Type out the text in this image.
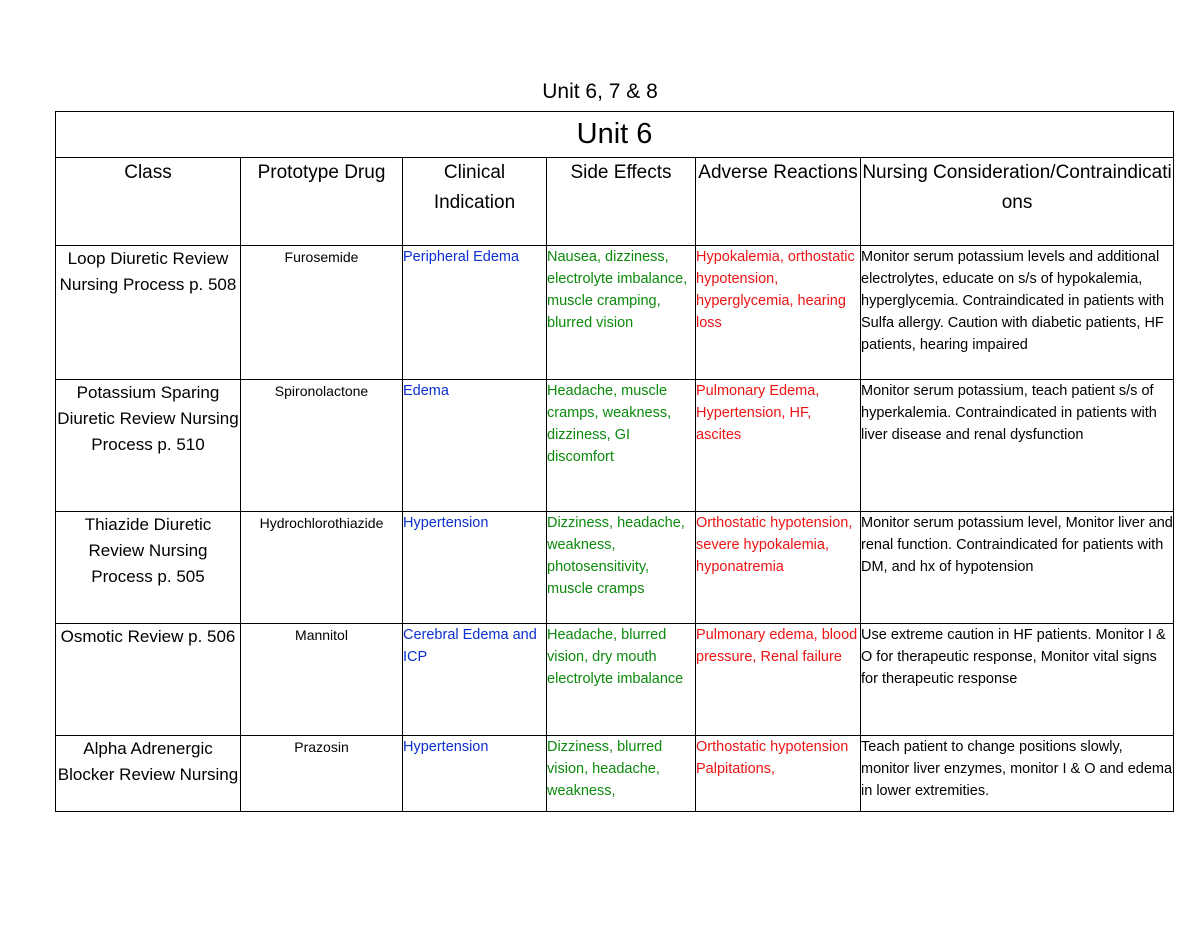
Unit 6, 7 & 8
Unit 6					
Class	Prototype Drug	Clinical Indication	Side Effects	Adverse Reactions	Nursing Consideration/Contraindications
Loop Diuretic Review Nursing Process p. 508	Furosemide	Peripheral Edema	Nausea, dizziness, electrolyte imbalance, muscle cramping, blurred vision	Hypokalemia, orthostatic hypotension, hyperglycemia, hearing loss	Monitor serum potassium levels and additional electrolytes, educate on s/s of hypokalemia, hyperglycemia. Contraindicated in patients with Sulfa allergy. Caution with diabetic patients, HF patients, hearing impaired
Potassium Sparing Diuretic Review Nursing Process p. 510	Spironolactone	Edema	Headache, muscle cramps, weakness, dizziness, GI discomfort	Pulmonary Edema, Hypertension, HF, ascites	Monitor serum potassium, teach patient s/s of hyperkalemia. Contraindicated in patients with liver disease and renal dysfunction
Thiazide Diuretic Review Nursing Process p. 505	Hydrochlorothiazide	Hypertension	Dizziness, headache, weakness, photosensitivity, muscle cramps	Orthostatic hypotension, severe hypokalemia, hyponatremia	Monitor serum potassium level, Monitor liver and renal function. Contraindicated for patients with DM, and hx of hypotension
Osmotic Review p. 506	Mannitol	Cerebral Edema and ICP	Headache, blurred vision, dry mouth electrolyte imbalance	Pulmonary edema, blood pressure, Renal failure	Use extreme caution in HF patients. Monitor I & O for therapeutic response, Monitor vital signs for therapeutic response
Alpha Adrenergic Blocker Review Nursing	Prazosin	Hypertension	Dizziness, blurred vision, headache, weakness,	Orthostatic hypotension Palpitations,	Teach patient to change positions slowly, monitor liver enzymes, monitor I & O and edema in lower extremities.
